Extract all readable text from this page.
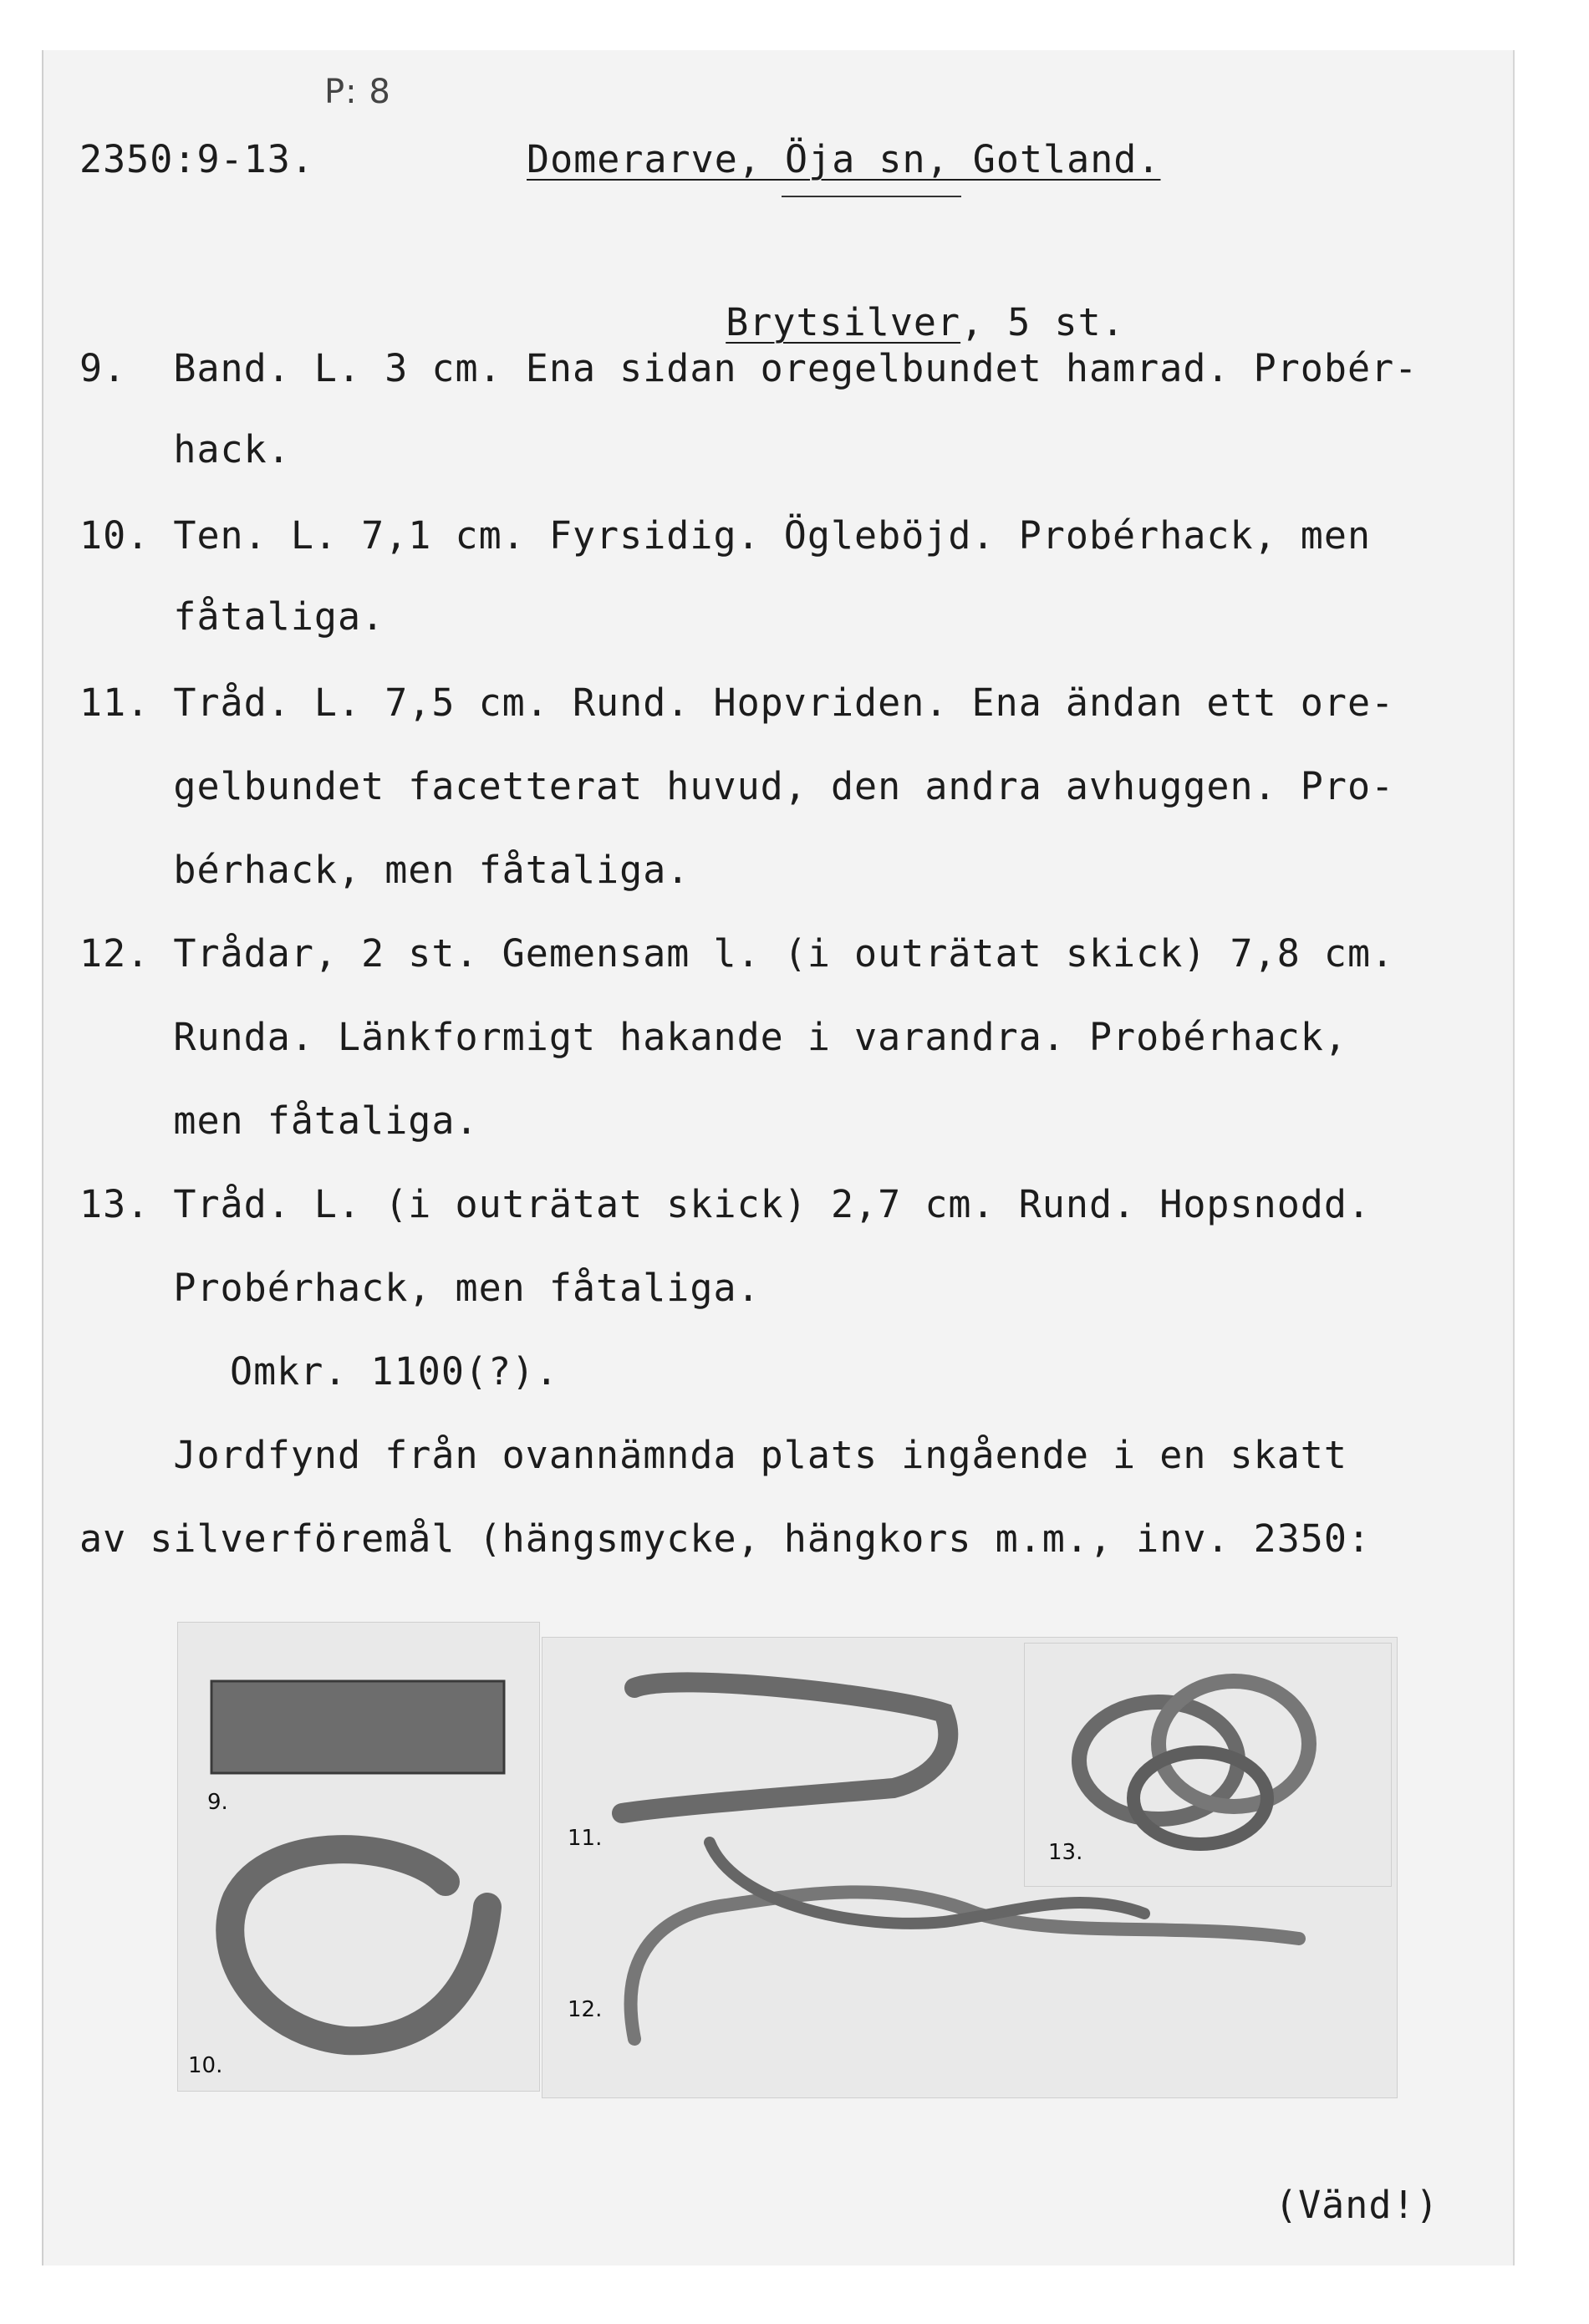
P: 8
2350:9-13.	Domerarve, Öja sn, Gotland.

Brytsilver, 5 st.

9.  Band. L. 3 cm. Ena sidan oregelbundet hamrad. Probér-
hack.
10. Ten. L. 7,1 cm. Fyrsidig. Ögleböjd. Probérhack, men
fåtaliga.
11. Tråd. L. 7,5 cm. Rund. Hopvriden. Ena ändan ett ore-
gelbundet facetterat huvud, den andra avhuggen. Pro-
bérhack, men fåtaliga.
12. Trådar, 2 st. Gemensam l. (i outrätat skick) 7,8 cm.
Runda. Länkformigt hakande i varandra. Probérhack,
men fåtaliga.
13. Tråd. L. (i outrätat skick) 2,7 cm. Rund. Hopsnodd.
Probérhack, men fåtaliga.
Omkr. 1100(?).
Jordfynd från ovannämnda plats ingående i en skatt
av silverföremål (hängsmycke, hängkors m.m., inv. 2350:
9.
10.
11.
12.
13.
(Vänd!)
